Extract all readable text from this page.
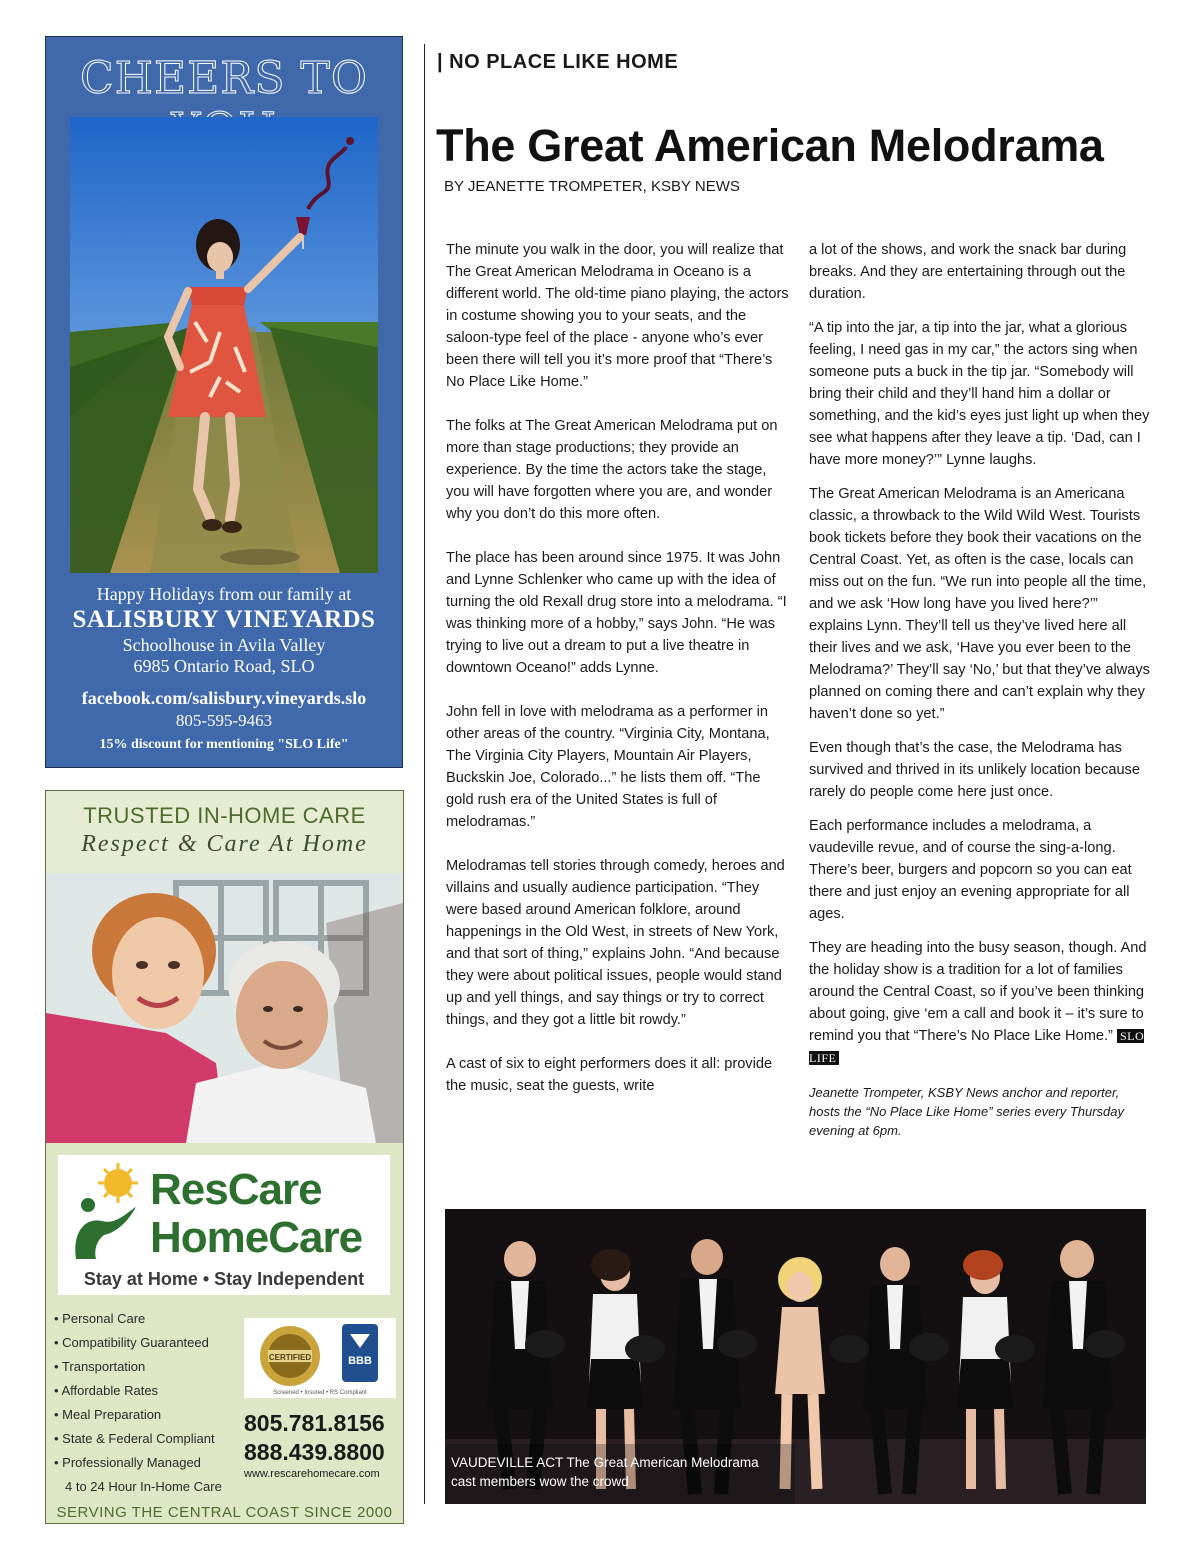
CHEERS TO
Happy Holidays from our family at
SALISBURY VINEYARDS
Schoolhouse in Avila Valley
6985 Ontario Road, SLO
facebook.com/salisbury.vineyards.slo
805-595-9463
15% discount for mentioning "SLO Life"
TRUSTED IN-HOME CARE
Respect & Care At Home
ResCare
HomeCare
Stay at Home • Stay Independent
• Personal Care
• Compatibility Guaranteed
• Transportation
• Affordable Rates
• Meal Preparation
• State & Federal Compliant
• Professionally Managed
4 to 24 Hour In-Home Care
CERTIFIED	BBB
Screened • Insured • RS Compliant
805.781.8156
888.439.8800
www.rescarehomecare.com
SERVING THE CENTRAL COAST SINCE 2000
| NO PLACE LIKE HOME
The Great American Melodrama
BY JEANETTE TROMPETER, KSBY NEWS

The minute you walk in the door, you will realize that The Great American Melodrama in Oceano is a different world. The old-time piano playing, the actors in costume showing you to your seats, and the saloon-type feel of the place - anyone who’s ever been there will tell you it’s more proof that “There’s No Place Like Home.”

The folks at The Great American Melodrama put on more than stage productions; they provide an experience. By the time the actors take the stage, you will have forgotten where you are, and wonder why you don’t do this more often.

The place has been around since 1975. It was John and Lynne Schlenker who came up with the idea of turning the old Rexall drug store into a melodrama. “I was thinking more of a hobby,” says John. “He was trying to live out a dream to put a live theatre in downtown Oceano!” adds Lynne.

John fell in love with melodrama as a performer in other areas of the country. “Virginia City, Montana, The Virginia City Players, Mountain Air Players, Buckskin Joe, Colorado...” he lists them off. “The gold rush era of the United States is full of melodramas.”

Melodramas tell stories through comedy, heroes and villains and usually audience participation. “They were based around American folklore, around happenings in the Old West, in streets of New York, and that sort of thing,” explains John. “And because they were about political issues, people would stand up and yell things, and say things or try to correct things, and they got a little bit rowdy.”

A cast of six to eight performers does it all: provide the music, seat the guests, write

a lot of the shows, and work the snack bar during breaks. And they are entertaining through out the duration.

“A tip into the jar, a tip into the jar, what a glorious feeling, I need gas in my car,” the actors sing when someone puts a buck in the tip jar. “Somebody will bring their child and they’ll hand him a dollar or something, and the kid’s eyes just light up when they see what happens after they leave a tip. ‘Dad, can I have more money?’” Lynne laughs.

The Great American Melodrama is an Americana classic, a throwback to the Wild Wild West. Tourists book tickets before they book their vacations on the Central Coast. Yet, as often is the case, locals can miss out on the fun. “We run into people all the time, and we ask ‘How long have you lived here?’” explains Lynn. They’ll tell us they’ve lived here all their lives and we ask, ‘Have you ever been to the Melodrama?’ They’ll say ‘No,’ but that they’ve always planned on coming there and can’t explain why they haven’t done so yet.”

Even though that’s the case, the Melodrama has survived and thrived in its unlikely location because rarely do people come here just once.

Each performance includes a melodrama, a vaudeville revue, and of course the sing-a-long. There’s beer, burgers and popcorn so you can eat there and just enjoy an evening appropriate for all ages.

They are heading into the busy season, though. And the holiday show is a tradition for a lot of families around the Central Coast, so if you’ve been thinking about going, give ‘em a call and book it – it’s sure to remind you that “There’s No Place Like Home.” SLO LIFE

Jeanette Trompeter, KSBY News anchor and reporter, hosts the “No Place Like Home” series every Thursday evening at 6pm.

VAUDEVILLE ACT The Great American Melodrama cast members wow the crowd
